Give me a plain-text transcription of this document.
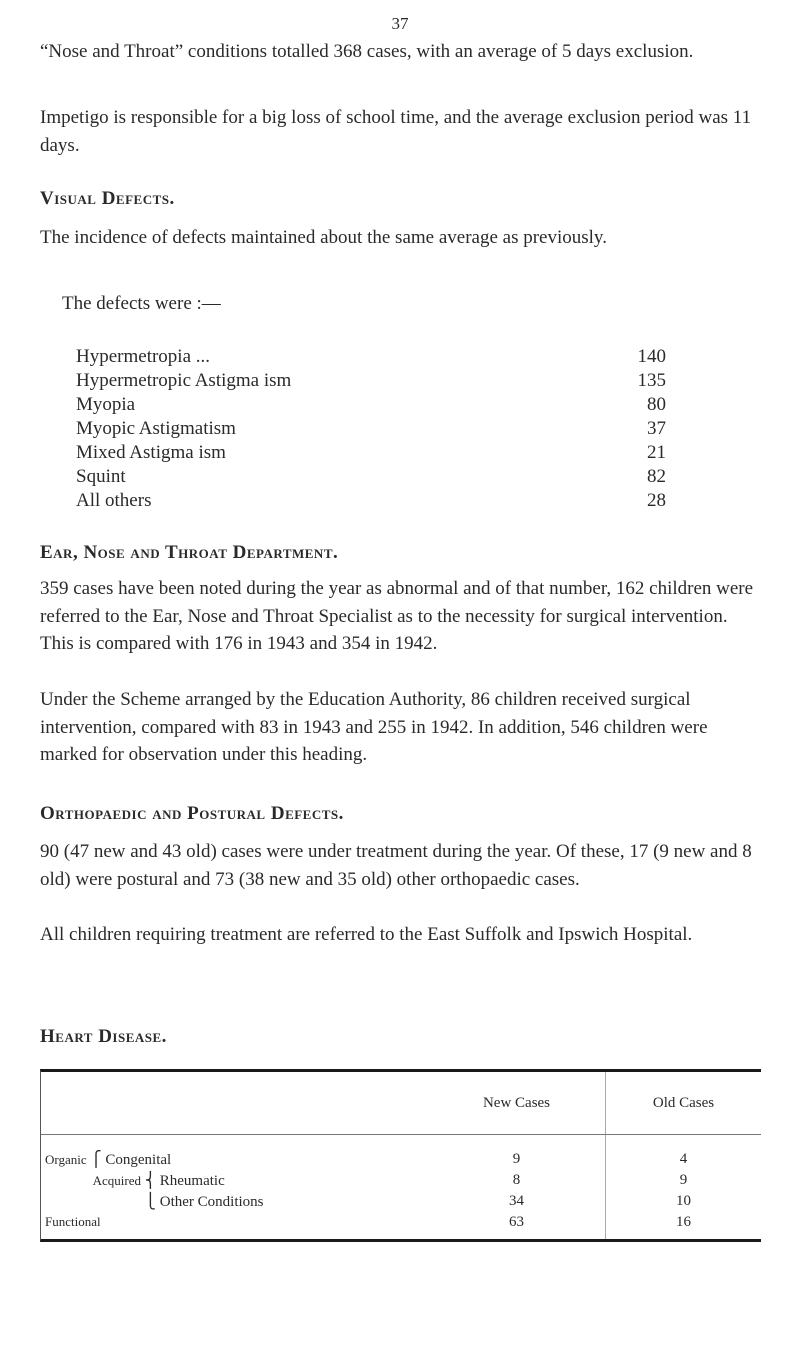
37

“Nose and Throat” conditions totalled 368 cases, with an average of 5 days exclusion.

Impetigo is responsible for a big loss of school time, and the average exclusion period was 11 days.

Visual Defects.

The incidence of defects maintained about the same average as previously.

The defects were :—

Hypermetropia ...	140
Hypermetropic Astigma ism	135
Myopia	80
Myopic Astigmatism	37
Mixed Astigma ism	21
Squint	82
All others	28
Ear, Nose and Throat Department.

359 cases have been noted during the year as abnormal and of that number, 162 children were referred to the Ear, Nose and Throat Specialist as to the necessity for surgical intervention. This is compared with 176 in 1943 and 354 in 1942.

Under the Scheme arranged by the Education Authority, 86 children received surgical intervention, compared with 83 in 1943 and 255 in 1942. In addition, 546 children were marked for observation under this heading.

Orthopaedic and Postural Defects.

90 (47 new and 43 old) cases were under treatment during the year. Of these, 17 (9 new and 8 old) were postural and 73 (38 new and 35 old) other orthopaedic cases.

All children requiring treatment are referred to the East Suffolk and Ipswich Hospital.

Heart Disease.
	New Cases	Old Cases
Organic ⎧ Congenital	9	4
Acquired ⎨ Rheumatic	8	9
⎩ Other Conditions	34	10
Functional	63	16
